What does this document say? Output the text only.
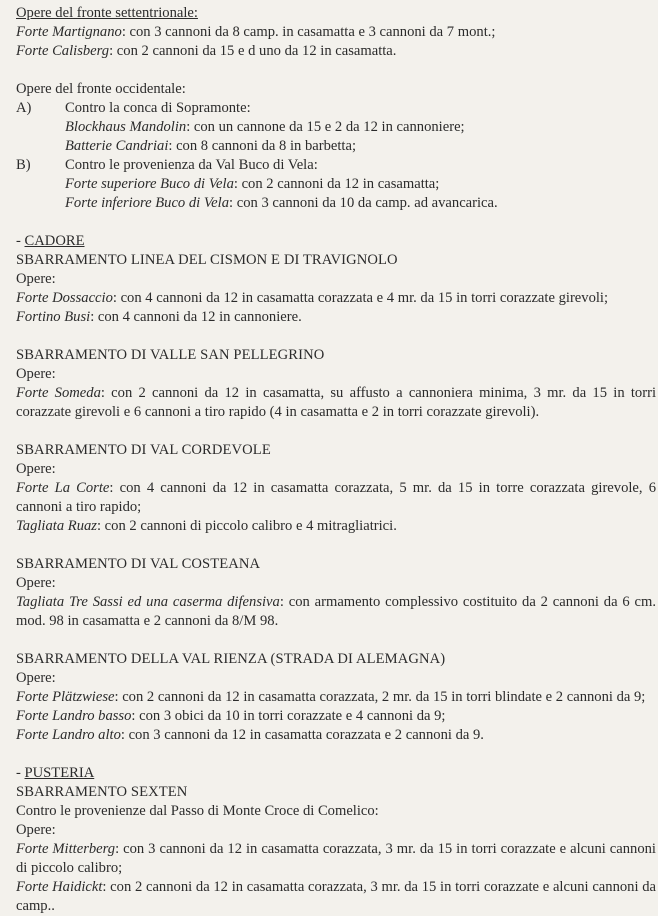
Opere del fronte settentrionale:
Forte Martignano: con 3 cannoni da 8 camp. in casamatta e 3 cannoni da 7 mont.;
Forte Calisberg: con 2 cannoni da 15 e d uno da 12 in casamatta.
Opere del fronte occidentale:
A)	Contro la conca di Sopramonte:
Blockhaus Mandolin: con un cannone da 15 e 2 da 12 in cannoniere;
Batterie Candriai: con 8 cannoni da 8 in barbetta;
B)	Contro le provenienza da Val Buco di Vela:
Forte superiore Buco di Vela: con 2 cannoni da 12 in casamatta;
Forte inferiore Buco di Vela: con 3 cannoni da 10 da camp. ad avancarica.
- CADORE
SBARRAMENTO LINEA DEL CISMON E DI TRAVIGNOLO
Opere:
Forte Dossaccio: con 4 cannoni da 12 in casamatta corazzata e 4 mr. da 15 in torri corazzate girevoli;
Fortino Busi: con 4 cannoni da 12 in cannoniere.
SBARRAMENTO DI VALLE SAN PELLEGRINO
Opere:
Forte Someda: con 2 cannoni da 12 in casamatta, su affusto a cannoniera minima, 3 mr. da 15 in torri corazzate girevoli e 6 cannoni a tiro rapido (4 in casamatta e 2 in torri corazzate girevoli).
SBARRAMENTO DI VAL CORDEVOLE
Opere:
Forte La Corte: con 4 cannoni da 12 in casamatta corazzata, 5 mr. da 15 in torre corazzata girevole, 6 cannoni a tiro rapido;
Tagliata Ruaz: con 2 cannoni di piccolo calibro e 4 mitragliatrici.
SBARRAMENTO DI VAL COSTEANA
Opere:
Tagliata Tre Sassi ed una caserma difensiva: con armamento complessivo costituito da 2 cannoni da 6 cm. mod. 98 in casamatta e 2 cannoni da 8/M 98.
SBARRAMENTO DELLA VAL RIENZA (STRADA DI ALEMAGNA)
Opere:
Forte Plätzwiese: con 2 cannoni da 12 in casamatta corazzata, 2 mr. da 15 in torri blindate e 2 cannoni da 9;
Forte Landro basso: con 3 obici da 10 in torri corazzate e 4 cannoni da 9;
Forte Landro alto: con 3 cannoni da 12 in casamatta corazzata e 2 cannoni da 9.
- PUSTERIA
SBARRAMENTO SEXTEN
Contro le provenienze dal Passo di Monte Croce di Comelico:
Opere:
Forte Mitterberg: con 3 cannoni da 12 in casamatta corazzata, 3 mr. da 15 in torri corazzate e alcuni cannoni di piccolo calibro;
Forte Haidickt: con 2 cannoni da 12 in casamatta corazzata, 3 mr. da 15 in torri corazzate e alcuni cannoni da camp..
